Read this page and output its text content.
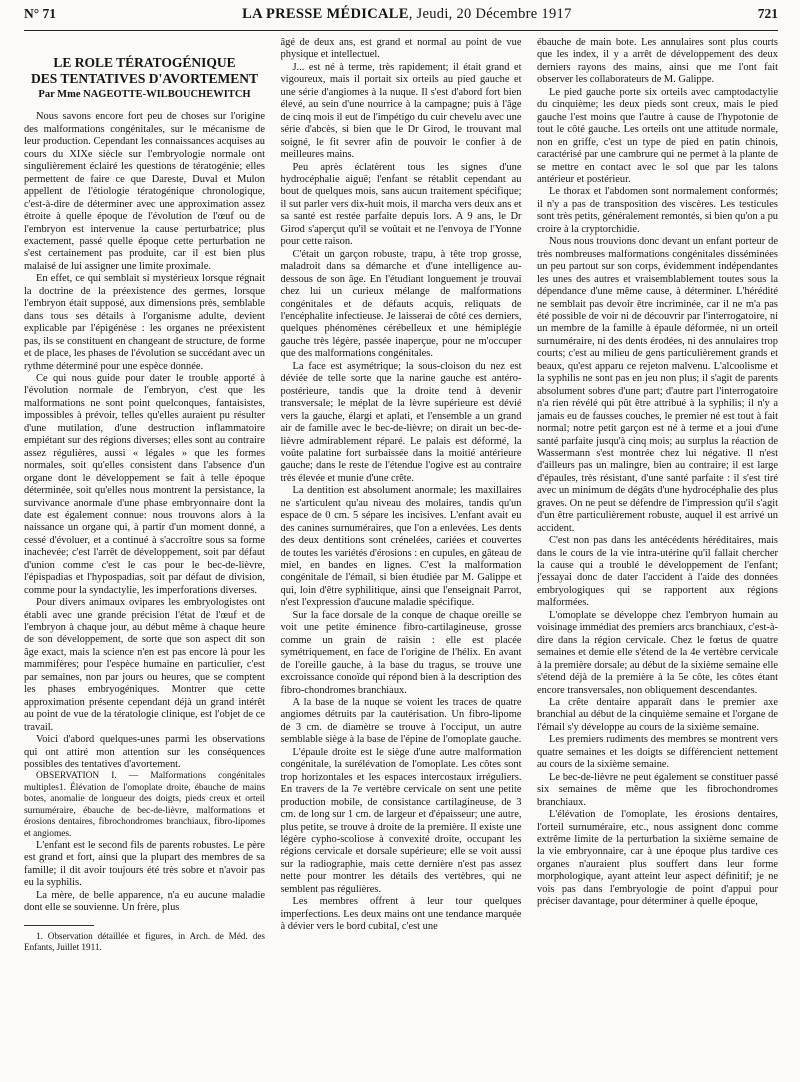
N° 71	LA PRESSE MÉDICALE, Jeudi, 20 Décembre 1917	721
LE ROLE TÉRATOGÉNIQUE
DES TENTATIVES D'AVORTEMENT
Par Mme NAGEOTTE-WILBOUCHEWITCH

Nous savons encore fort peu de choses sur l'origine des malformations congénitales, sur le mécanisme de leur production. Cependant les connaissances acquises au cours du XIXe siècle sur l'embryologie normale ont singulièrement éclairé les questions de tératogénie; elles permettent de faire ce que Dareste, Duval et Mulon appellent de l'étiologie tératogénique chronologique, c'est-à-dire de déterminer avec une approximation assez étroite à quelle époque de l'évolution de l'œuf ou de l'embryon est intervenue la cause perturbatrice; plus exactement, passé quelle époque cette perturbation ne s'est certainement pas produite, car il est bien plus malaisé de lui assigner une limite proximale.

En effet, ce qui semblait si mystérieux lorsque régnait la doctrine de la préexistence des germes, lorsque l'embryon était supposé, aux dimensions près, semblable dans tous ses détails à l'organisme adulte, devient explicable par l'épigénèse : les organes ne préexistent pas, ils se constituent en changeant de structure, de forme et de place, les phases de l'évolution se succédant avec un rythme déterminé pour une espèce donnée.

Ce qui nous guide pour dater le trouble apporté à l'évolution normale de l'embryon, c'est que les malformations ne sont point quelconques, fantaisistes, impossibles à prévoir, telles qu'elles auraient pu résulter d'une mutilation, d'une destruction inflammatoire empiétant sur des régions diverses; elles sont au contraire assez régulières, aussi « légales » que les formes normales, soit qu'elles consistent dans l'absence d'un organe dont le développement se fait à telle époque déterminée, soit qu'elles nous montrent la persistance, la survivance anormale d'une phase embryonnaire dont la date est également connue: nous trouvons alors à la naissance un organe qui, à partir d'un moment donné, a cessé d'évoluer, et a continué à s'accroître sous sa forme inachevée; c'est l'arrêt de développement, soit par défaut d'union comme c'est le cas pour le bec-de-lièvre, l'épispadias et l'hypospadias, soit par défaut de division, comme pour la syndactylie, les imperforations diverses.

Pour divers animaux ovipares les embryologistes ont établi avec une grande précision l'état de l'œuf et de l'embryon à chaque jour, au début même à chaque heure de son développement, de sorte que son aspect dit son âge exact, mais la science n'en est pas encore là pour les mammifères; pour l'espèce humaine en particulier, c'est par semaines, non par jours ou heures, que se comptent les phases embryogéniques. Montrer que cette approximation présente cependant déjà un grand intérêt au point de vue de la tératologie clinique, est l'objet de ce travail.

Voici d'abord quelques-unes parmi les observations qui ont attiré mon attention sur les conséquences possibles des tentatives d'avortement.

OBSERVATION I. — Malformations congénitales multiples1. Élévation de l'omoplate droite, ébauche de mains botes, anomalie de longueur des doigts, pieds creux et orteil surnuméraire, ébauche de bec-de-lièvre, malformations et érosions dentaires, fibrochondromes branchiaux, fibro-lipomes et angiomes.

L'enfant est le second fils de parents robustes. Le père est grand et fort, ainsi que la plupart des membres de sa famille; il dit avoir toujours été très sobre et n'avoir pas eu la syphilis.

La mère, de belle apparence, n'a eu aucune maladie dont elle se souvienne. Un frère, plus

1. Observation détaillée et figures, in Arch. de Méd. des Enfants, Juillet 1911.

âgé de deux ans, est grand et normal au point de vue physique et intellectuel.

J... est né à terme, très rapidement; il était grand et vigoureux, mais il portait six orteils au pied gauche et une série d'angiomes à la nuque. Il s'est d'abord fort bien élevé, au sein d'une nourrice à la campagne; puis à l'âge de cinq mois il eut de l'impétigo du cuir chevelu avec une série d'abcès, si bien que le Dr Girod, le trouvant mal soigné, le fit sevrer afin de pouvoir le confier à de meilleures mains.

Peu après éclatèrent tous les signes d'une hydrocéphalie aiguë; l'enfant se rétablit cependant au bout de quelques mois, sans aucun traitement spécifique; il sut parler vers dix-huit mois, il marcha vers deux ans et sa santé est restée parfaite depuis lors. A 9 ans, le Dr Girod s'aperçut qu'il se voûtait et ne l'envoya de l'Yonne pour cette raison.

C'était un garçon robuste, trapu, à tête trop grosse, maladroit dans sa démarche et d'une intelligence au-dessous de son âge. En l'étudiant longuement je trouvai chez lui un curieux mélange de malformations congénitales et de défauts acquis, reliquats de l'encéphalite infectieuse. Je laisserai de côté ces derniers, quelques phénomènes cérébelleux et une hémiplégie gauche très légère, passée inaperçue, pour ne m'occuper que des malformations congénitales.

La face est asymétrique; la sous-cloison du nez est déviée de telle sorte que la narine gauche est antéro-postérieure, tandis que la droite tend à devenir transversale; le méplat de la lèvre supérieure est dévié vers la gauche, élargi et aplati, et l'ensemble a un grand air de famille avec le bec-de-lièvre; on dirait un bec-de-lièvre admirablement réparé. Le palais est déformé, la voûte palatine fort surbaissée dans la moitié antérieure gauche; dans le reste de l'étendue l'ogive est au contraire très élevée et munie d'une crête.

La dentition est absolument anormale; les maxillaires ne s'articulent qu'au niveau des molaires, tandis qu'un espace de 0 cm. 5 sépare les incisives. L'enfant avait eu des canines surnuméraires, que l'on a enlevées. Les dents des deux dentitions sont crénelées, cariées et couvertes de toutes les variétés d'érosions : en cupules, en gâteau de miel, en bandes en lignes. C'est la malformation congénitale de l'émail, si bien étudiée par M. Galippe et qui, loin d'être syphilitique, ainsi que l'enseignait Parrot, n'est l'expression d'aucune maladie spécifique.

Sur la face dorsale de la conque de chaque oreille se voit une petite éminence fibro-cartilagineuse, grosse comme un grain de raisin : elle est placée symétriquement, en face de l'origine de l'hélix. En avant de l'oreille gauche, à la base du tragus, se trouve une excroissance conoïde qui répond bien à la description des fibro-chondromes branchiaux.

A la base de la nuque se voient les traces de quatre angiomes détruits par la cautérisation. Un fibro-lipome de 3 cm. de diamètre se trouve à l'occiput, un autre semblable siège à la base de l'épine de l'omoplate gauche.

L'épaule droite est le siège d'une autre malformation congénitale, la surélévation de l'omoplate. Les côtes sont trop horizontales et les espaces intercostaux irréguliers. En travers de la 7e vertèbre cervicale on sent une petite production mobile, de consistance cartilagineuse, de 3 cm. de long sur 1 cm. de largeur et d'épaisseur; une autre, plus petite, se trouve à droite de la première. Il existe une légère cypho-scoliose à convexité droite, occupant les régions cervicale et dorsale supérieure; elle se voit aussi sur la radiographie, mais cette dernière n'est pas assez nette pour montrer les détails des vertèbres, qui ne semblent pas régulières.

Les membres offrent à leur tour quelques imperfections. Les deux mains ont une tendance marquée à dévier vers le bord cubital, c'est une

ébauche de main bote. Les annulaires sont plus courts que les index, il y a arrêt de développement des deux derniers rayons des mains, ainsi que me l'ont fait observer les collaborateurs de M. Galippe.

Le pied gauche porte six orteils avec camptodactylie du cinquième; les deux pieds sont creux, mais le pied gauche l'est moins que l'autre à cause de l'hypotonie de tout le côté gauche. Les orteils ont une attitude normale, non en griffe, c'est un type de pied en patin chinois, caractérisé par une cambrure qui ne permet à la plante de se mettre en contact avec le sol que par les talons antérieur et postérieur.

Le thorax et l'abdomen sont normalement conformés; il n'y a pas de transposition des viscères. Les testicules sont très petits, généralement remontés, si bien qu'on a pu croire à la cryptorchidie.

Nous nous trouvions donc devant un enfant porteur de très nombreuses malformations congénitales disséminées un peu partout sur son corps, évidemment indépendantes les unes des autres et vraisemblablement toutes sous la dépendance d'une même cause, à déterminer. L'hérédité ne semblait pas devoir être incriminée, car il ne m'a pas été possible de voir ni de découvrir par l'interrogatoire, ni un membre de la famille à épaule déformée, ni un orteil surnuméraire, ni des dents érodées, ni des annulaires trop courts; c'est au milieu de gens particulièrement grands et beaux, qu'est apparu ce rejeton malvenu. L'alcoolisme et la syphilis ne sont pas en jeu non plus; il s'agit de parents absolument sobres d'une part; d'autre part l'interrogatoire n'a rien révélé qui pût être attribué à la syphilis; il n'y a jamais eu de fausses couches, le premier né est tout à fait normal; notre petit garçon est né à terme et a joui d'une santé parfaite jusqu'à cinq mois; au surplus la réaction de Wassermann s'est montrée chez lui négative. Il n'est d'ailleurs pas un malingre, bien au contraire; il est large d'épaules, très résistant, d'une santé parfaite : il s'est tiré avec un minimum de dégâts d'une hydrocéphalie des plus graves. On ne peut se défendre de l'impression qu'il s'agit d'un être particulièrement robuste, auquel il est arrivé un accident.

C'est non pas dans les antécédents héréditaires, mais dans le cours de la vie intra-utérine qu'il fallait chercher la cause qui a troublé le développement de l'enfant; j'essayai donc de dater l'accident à l'aide des données embryologiques qui se rapportent aux régions malformées.

L'omoplate se développe chez l'embryon humain au voisinage immédiat des premiers arcs branchiaux, c'est-à-dire dans la région cervicale. Chez le fœtus de quatre semaines et demie elle s'étend de la 4e vertèbre cervicale à la première dorsale; au début de la sixième semaine elle s'étend déjà de la première à la 5e côte, les côtes étant encore transversales, non obliquement descendantes.

La crête dentaire apparaît dans le premier axe branchial au début de la cinquième semaine et l'organe de l'émail s'y développe au cours de la sixième semaine.

Les premiers rudiments des membres se montrent vers quatre semaines et les doigts se différencient nettement au cours de la sixième semaine.

Le bec-de-lièvre ne peut également se constituer passé six semaines de même que les fibrochondromes branchiaux.

L'élévation de l'omoplate, les érosions dentaires, l'orteil surnuméraire, etc., nous assignent donc comme extrême limite de la perturbation la sixième semaine de la vie embryonnaire, car à une époque plus tardive ces organes n'auraient plus souffert dans leur forme morphologique, ayant atteint leur aspect définitif; je ne vois pas dans l'embryologie de point d'appui pour préciser davantage, pour déterminer à quelle époque,
